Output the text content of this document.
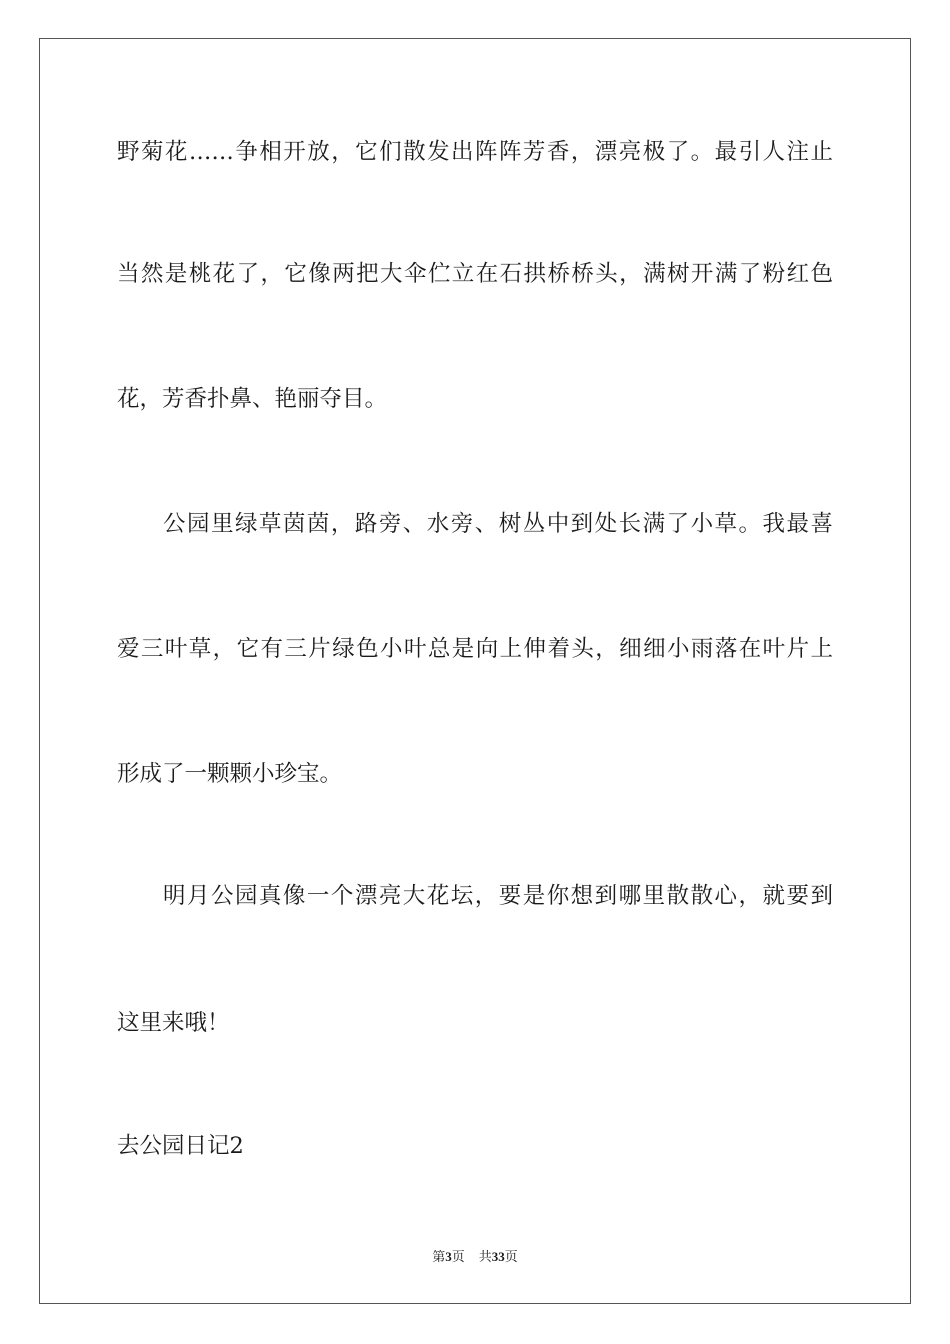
野菊花……争相开放，它们散发出阵阵芳香，漂亮极了。最引人注止
当然是桃花了，它像两把大伞伫立在石拱桥桥头，满树开满了粉红色
花，芳香扑鼻、艳丽夺目。
公园里绿草茵茵，路旁、水旁、树丛中到处长满了小草。我最喜
爱三叶草，它有三片绿色小叶总是向上伸着头，细细小雨落在叶片上
形成了一颗颗小珍宝。
明月公园真像一个漂亮大花坛，要是你想到哪里散散心，就要到
这里来哦！
去公园日记2
第3页 共33页
